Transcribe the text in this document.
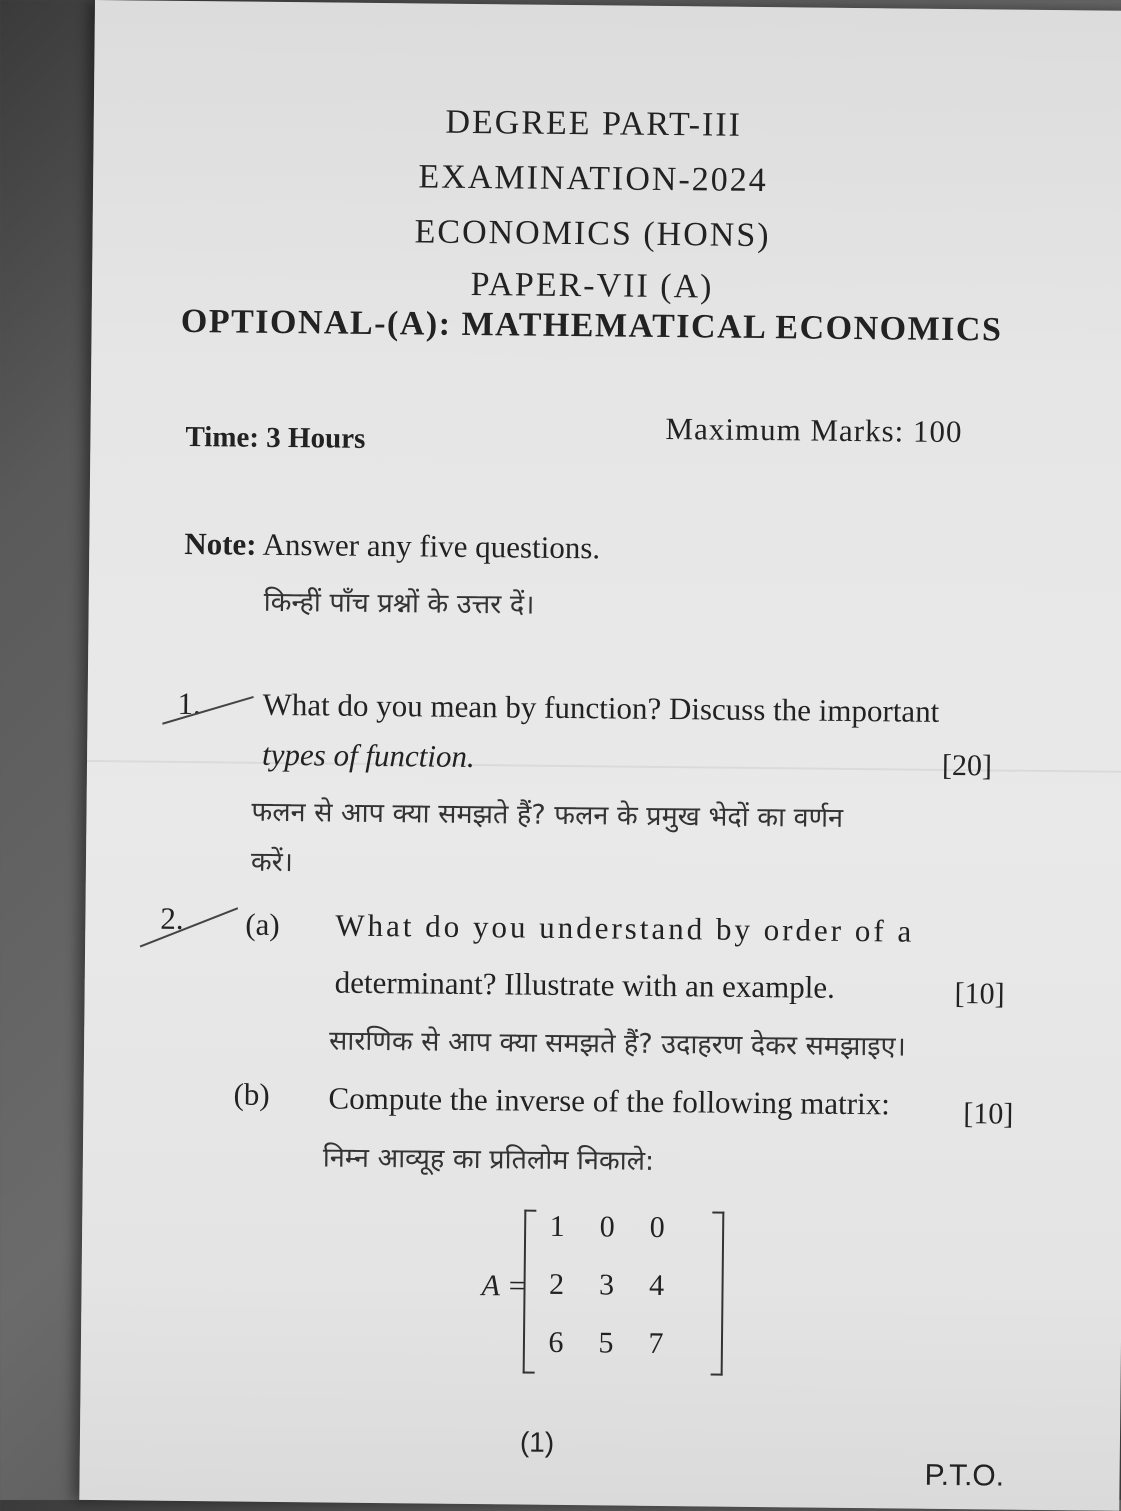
DEGREE PART-III
EXAMINATION-2024
ECONOMICS (HONS)
PAPER-VII (A)
OPTIONAL-(A): MATHEMATICAL ECONOMICS
Time: 3 Hours	Maximum Marks: 100
Note: Answer any five questions.
किन्हीं पाँच प्रश्नों के उत्तर दें।
1. What do you mean by function? Discuss the important
types of function.	[20]
फलन से आप क्या समझते हैं? फलन के प्रमुख भेदों का वर्णन
करें।
2. (a) What do you understand by order of a
determinant? Illustrate with an example.	[10]
सारणिक से आप क्या समझते हैं? उदाहरण देकर समझाइए।
(b) Compute the inverse of the following matrix: [10]
निम्न आव्यूह का प्रतिलोम निकाले:
A =
1 0 0
2 3 4
6 5 7
(1)
P.T.O.
